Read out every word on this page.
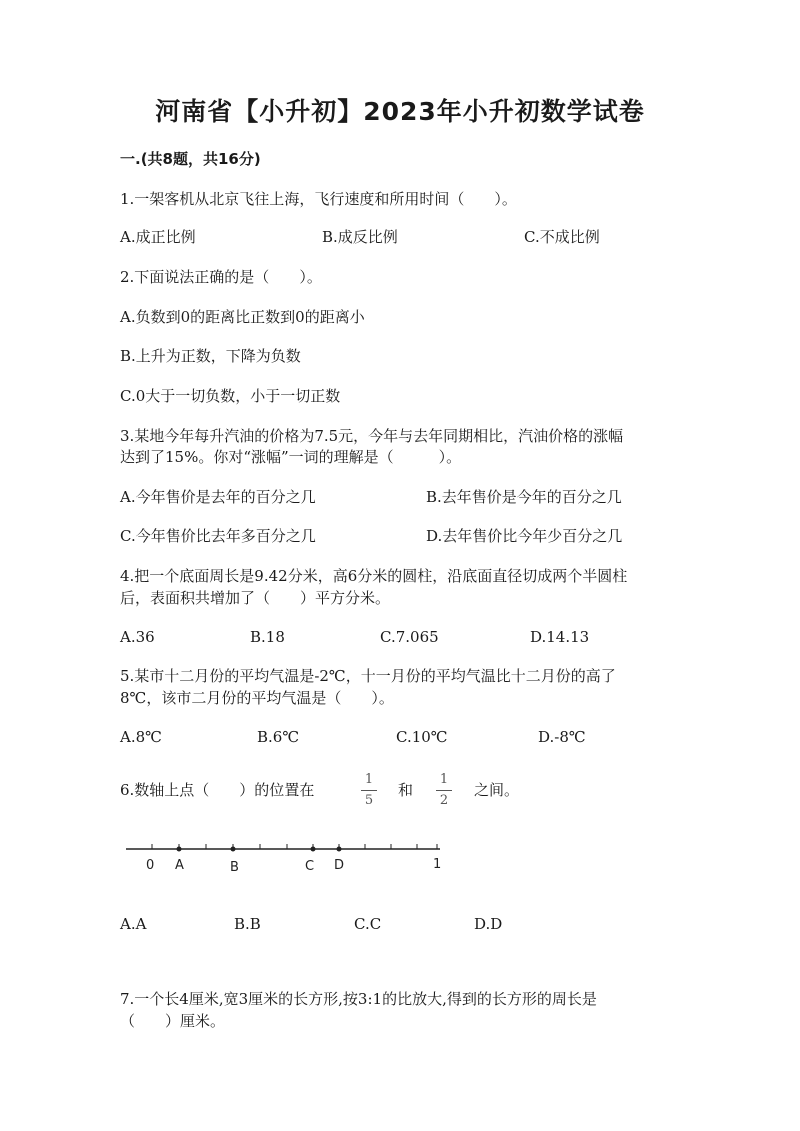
河南省【小升初】2023年小升初数学试卷
一.(共8题，共16分)
1.一架客机从北京飞往上海，飞行速度和所用时间（　　）。
A.成正比例	B.成反比例	C.不成比例
2.下面说法正确的是（　　）。
A.负数到0的距离比正数到0的距离小
B.上升为正数，下降为负数
C.0大于一切负数，小于一切正数
3.某地今年每升汽油的价格为7.5元，今年与去年同期相比，汽油价格的涨幅
达到了15%。你对“涨幅”一词的理解是（　　　）。
A.今年售价是去年的百分之几	B.去年售价是今年的百分之几
C.今年售价比去年多百分之几	D.去年售价比今年少百分之几
4.把一个底面周长是9.42分米，高6分米的圆柱，沿底面直径切成两个半圆柱
后，表面积共增加了（　　）平方分米。
A.36	B.18	C.7.065	D.14.13
5.某市十二月份的平均气温是-2℃，十一月份的平均气温比十二月份的高了
8℃，该市二月份的平均气温是（　　）。
A.8℃	B.6℃	C.10℃	D.-8℃
6.数轴上点（　　）的位置在
1
5
和
1
2
之间。
0 A	B	C D	1
A.A	B.B	C.C	D.D
7.一个长4厘米,宽3厘米的长方形,按3:1的比放大,得到的长方形的周长是
（　　）厘米。
